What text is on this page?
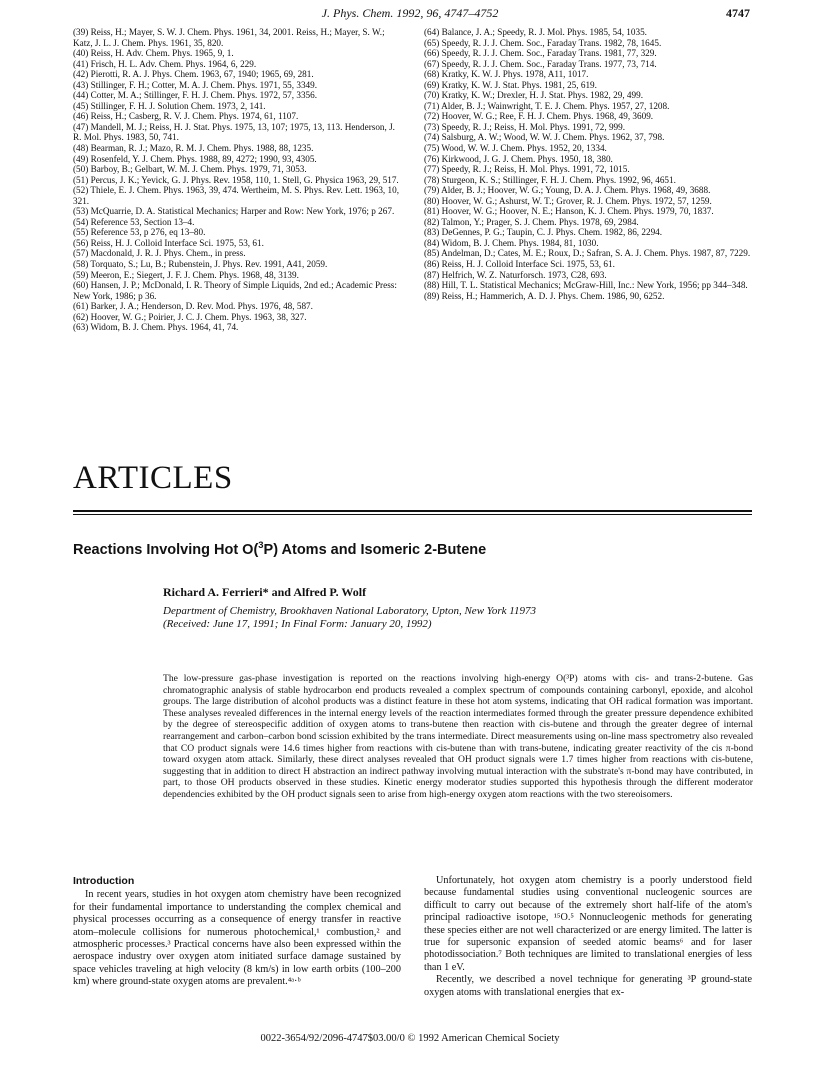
J. Phys. Chem. 1992, 96, 4747–4752	4747
(39) Reiss, H.; Mayer, S. W. J. Chem. Phys. 1961, 34, 2001. Reiss, H.; Mayer, S. W.; Katz, J. L. J. Chem. Phys. 1961, 35, 820.
(40) Reiss, H. Adv. Chem. Phys. 1965, 9, 1.
(41) Frisch, H. L. Adv. Chem. Phys. 1964, 6, 229.
(42) Pierotti, R. A. J. Phys. Chem. 1963, 67, 1940; 1965, 69, 281.
(43) Stillinger, F. H.; Cotter, M. A. J. Chem. Phys. 1971, 55, 3349.
(44) Cotter, M. A.; Stillinger, F. H. J. Chem. Phys. 1972, 57, 3356.
(45) Stillinger, F. H. J. Solution Chem. 1973, 2, 141.
(46) Reiss, H.; Casberg, R. V. J. Chem. Phys. 1974, 61, 1107.
(47) Mandell, M. J.; Reiss, H. J. Stat. Phys. 1975, 13, 107; 1975, 13, 113. Henderson, J. R. Mol. Phys. 1983, 50, 741.
(48) Bearman, R. J.; Mazo, R. M. J. Chem. Phys. 1988, 88, 1235.
(49) Rosenfeld, Y. J. Chem. Phys. 1988, 89, 4272; 1990, 93, 4305.
(50) Barboy, B.; Gelbart, W. M. J. Chem. Phys. 1979, 71, 3053.
(51) Percus, J. K.; Yevick, G. J. Phys. Rev. 1958, 110, 1. Stell, G. Physica 1963, 29, 517.
(52) Thiele, E. J. Chem. Phys. 1963, 39, 474. Wertheim, M. S. Phys. Rev. Lett. 1963, 10, 321.
(53) McQuarrie, D. A. Statistical Mechanics; Harper and Row: New York, 1976; p 267.
(54) Reference 53, Section 13–4.
(55) Reference 53, p 276, eq 13–80.
(56) Reiss, H. J. Colloid Interface Sci. 1975, 53, 61.
(57) Macdonald, J. R. J. Phys. Chem., in press.
(58) Torquato, S.; Lu, B.; Rubenstein, J. Phys. Rev. 1991, A41, 2059.
(59) Meeron, E.; Siegert, J. F. J. Chem. Phys. 1968, 48, 3139.
(60) Hansen, J. P.; McDonald, I. R. Theory of Simple Liquids, 2nd ed.; Academic Press: New York, 1986; p 36.
(61) Barker, J. A.; Henderson, D. Rev. Mod. Phys. 1976, 48, 587.
(62) Hoover, W. G.; Poirier, J. C. J. Chem. Phys. 1963, 38, 327.
(63) Widom, B. J. Chem. Phys. 1964, 41, 74.
(64) Balance, J. A.; Speedy, R. J. Mol. Phys. 1985, 54, 1035.
(65) Speedy, R. J. J. Chem. Soc., Faraday Trans. 1982, 78, 1645.
(66) Speedy, R. J. J. Chem. Soc., Faraday Trans. 1981, 77, 329.
(67) Speedy, R. J. J. Chem. Soc., Faraday Trans. 1977, 73, 714.
(68) Kratky, K. W. J. Phys. 1978, A11, 1017.
(69) Kratky, K. W. J. Stat. Phys. 1981, 25, 619.
(70) Kratky, K. W.; Drexler, H. J. Stat. Phys. 1982, 29, 499.
(71) Alder, B. J.; Wainwright, T. E. J. Chem. Phys. 1957, 27, 1208.
(72) Hoover, W. G.; Ree, F. H. J. Chem. Phys. 1968, 49, 3609.
(73) Speedy, R. J.; Reiss, H. Mol. Phys. 1991, 72, 999.
(74) Salsburg, A. W.; Wood, W. W. J. Chem. Phys. 1962, 37, 798.
(75) Wood, W. W. J. Chem. Phys. 1952, 20, 1334.
(76) Kirkwood, J. G. J. Chem. Phys. 1950, 18, 380.
(77) Speedy, R. J.; Reiss, H. Mol. Phys. 1991, 72, 1015.
(78) Sturgeon, K. S.; Stillinger, F. H. J. Chem. Phys. 1992, 96, 4651.
(79) Alder, B. J.; Hoover, W. G.; Young, D. A. J. Chem. Phys. 1968, 49, 3688.
(80) Hoover, W. G.; Ashurst, W. T.; Grover, R. J. Chem. Phys. 1972, 57, 1259.
(81) Hoover, W. G.; Hoover, N. E.; Hanson, K. J. Chem. Phys. 1979, 70, 1837.
(82) Talmon, Y.; Prager, S. J. Chem. Phys. 1978, 69, 2984.
(83) DeGennes, P. G.; Taupin, C. J. Phys. Chem. 1982, 86, 2294.
(84) Widom, B. J. Chem. Phys. 1984, 81, 1030.
(85) Andelman, D.; Cates, M. E.; Roux, D.; Safran, S. A. J. Chem. Phys. 1987, 87, 7229.
(86) Reiss, H. J. Colloid Interface Sci. 1975, 53, 61.
(87) Helfrich, W. Z. Naturforsch. 1973, C28, 693.
(88) Hill, T. L. Statistical Mechanics; McGraw-Hill, Inc.: New York, 1956; pp 344–348.
(89) Reiss, H.; Hammerich, A. D. J. Phys. Chem. 1986, 90, 6252.
ARTICLES
Reactions Involving Hot O($^3$P) Atoms and Isomeric 2-Butene
Richard A. Ferrieri* and Alfred P. Wolf
Department of Chemistry, Brookhaven National Laboratory, Upton, New York 11973
(Received: June 17, 1991; In Final Form: January 20, 1992)
The low-pressure gas-phase investigation is reported on the reactions involving high-energy O(³P) atoms with cis- and trans-2-butene. Gas chromatographic analysis of stable hydrocarbon end products revealed a complex spectrum of compounds containing carbonyl, epoxide, and alcohol groups. The large distribution of alcohol products was a distinct feature in these hot atom systems, indicating that OH radical formation was important. These analyses revealed differences in the internal energy levels of the reaction intermediates formed through the greater pressure dependence exhibited by the degree of stereospecific addition of oxygen atoms to trans-butene then reaction with cis-butene and through the greater degree of internal rearrangement and carbon–carbon bond scission exhibited by the trans intermediate. Direct measurements using on-line mass spectrometry also revealed that CO product signals were 14.6 times higher from reactions with cis-butene than with trans-butene, indicating greater reactivity of the cis π-bond toward oxygen atom attack. Similarly, these direct analyses revealed that OH product signals were 1.7 times higher from reactions with cis-butene, suggesting that in addition to direct H abstraction an indirect pathway involving mutual interaction with the substrate's π-bond may have contributed, in part, to those OH products observed in these studies. Kinetic energy moderator studies supported this hypothesis through the different moderator dependencies exhibited by the OH product signals seen to arise from high-energy oxygen atom reactions with the two stereoisomers.
Introduction
In recent years, studies in hot oxygen atom chemistry have been recognized for their fundamental importance to understanding the complex chemical and physical processes occurring as a consequence of energy transfer in reactive atom–molecule collisions for numerous photochemical,¹ combustion,² and atmospheric processes.³ Practical concerns have also been expressed within the aerospace industry over oxygen atom initiated surface damage sustained by space vehicles traveling at high velocity (8 km/s) in low earth orbits (100–200 km) where ground-state oxygen atoms are prevalent.⁴ᵃ·ᵇ
Unfortunately, hot oxygen atom chemistry is a poorly understood field because fundamental studies using conventional nucleogenic sources are difficult to carry out because of the extremely short half-life of the atom's principal radioactive isotope, ¹⁵O.⁵ Nonnucleogenic methods for generating these species either are not well characterized or are energy limited. The latter is true for supersonic expansion of seeded atomic beams⁶ and for laser photodissociation.⁷ Both techniques are limited to translational energies of less than 1 eV.
Recently, we described a novel technique for generating ³P ground-state oxygen atoms with translational energies that ex-
0022-3654/92/2096-4747$03.00/0 © 1992 American Chemical Society
